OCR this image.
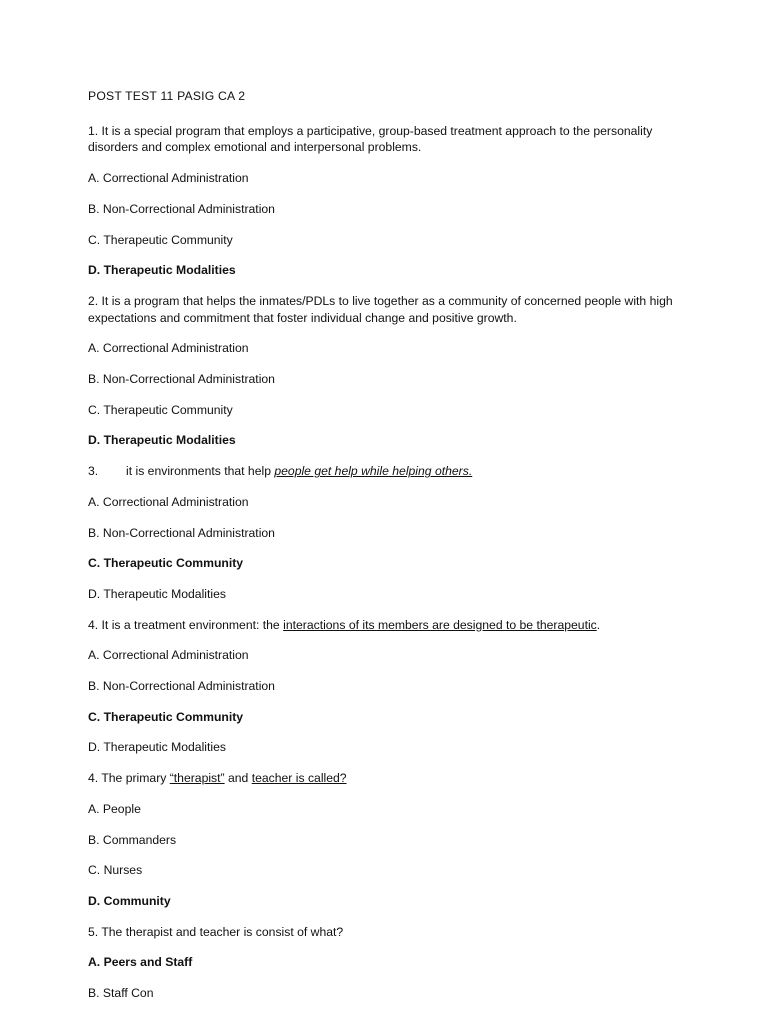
POST TEST 11 PASIG CA 2

1. It is a special program that employs a participative, group-based treatment approach to the personality disorders and complex emotional and interpersonal problems.

A. Correctional Administration

B. Non-Correctional Administration

C. Therapeutic Community

D. Therapeutic Modalities

2. It is a program that helps the inmates/PDLs to live together as a community of concerned people with high expectations and commitment that foster individual change and positive growth.

A. Correctional Administration

B. Non-Correctional Administration

C. Therapeutic Community

D. Therapeutic Modalities

3. it is environments that help people get help while helping others.

A. Correctional Administration

B. Non-Correctional Administration

C. Therapeutic Community

D. Therapeutic Modalities

4. It is a treatment environment: the interactions of its members are designed to be therapeutic.

A. Correctional Administration

B. Non-Correctional Administration

C. Therapeutic Community

D. Therapeutic Modalities

4. The primary “therapist” and teacher is called?

A. People

B. Commanders

C. Nurses

D. Community

5. The therapist and teacher is consist of what?

A. Peers and Staff

B. Staff Con
